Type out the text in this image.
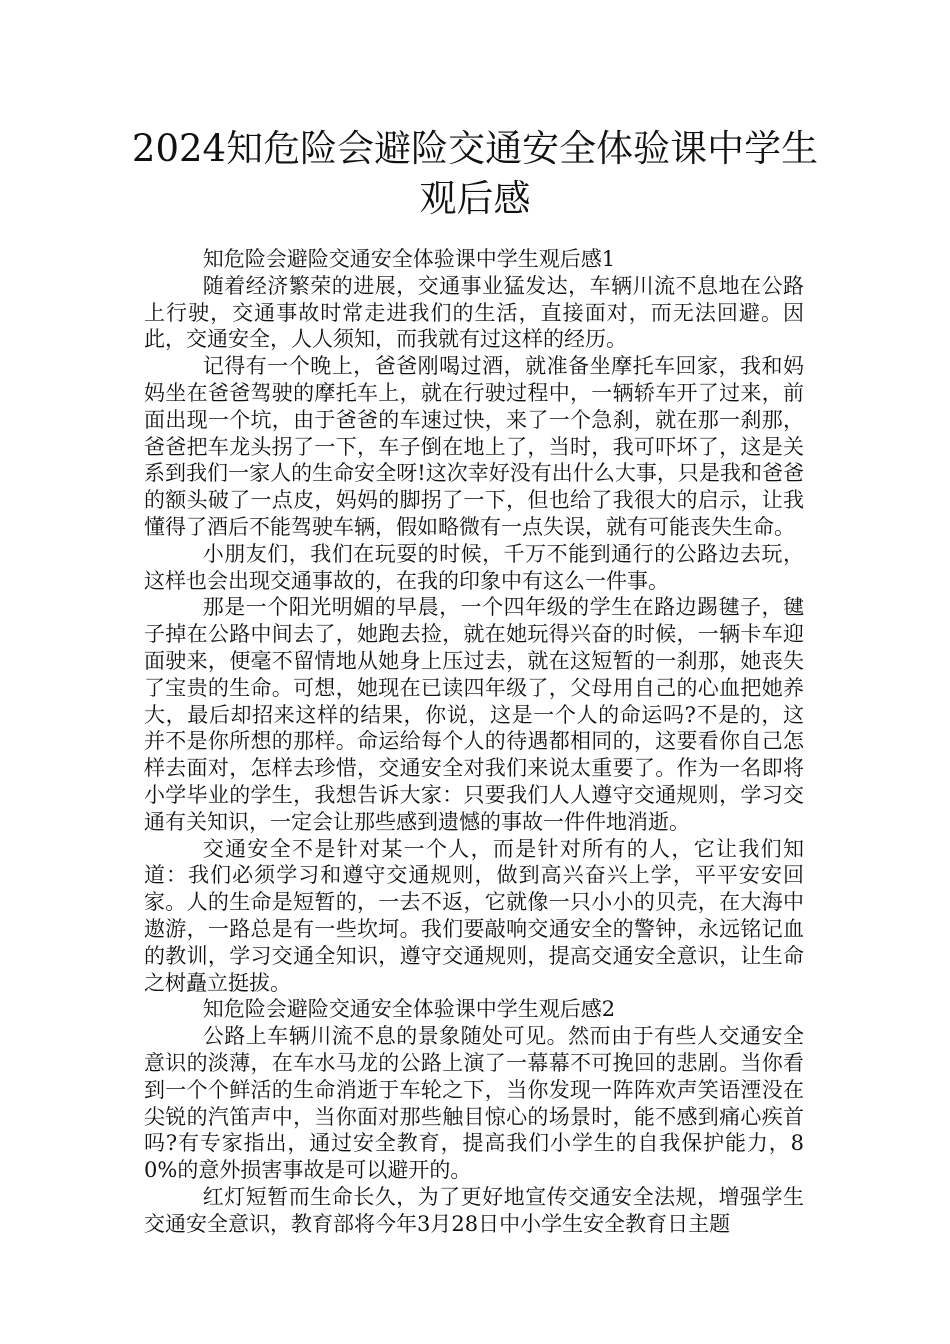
2024知危险会避险交通安全体验课中学生
观后感

知危险会避险交通安全体验课中学生观后感1

随着经济繁荣的进展，交通事业猛发达，车辆川流不息地在公路上行驶，交通事故时常走进我们的生活，直接面对，而无法回避。因此，交通安全，人人须知，而我就有过这样的经历。

记得有一个晚上，爸爸刚喝过酒，就准备坐摩托车回家，我和妈妈坐在爸爸驾驶的摩托车上，就在行驶过程中，一辆轿车开了过来，前面出现一个坑，由于爸爸的车速过快，来了一个急刹，就在那一刹那，爸爸把车龙头拐了一下，车子倒在地上了，当时，我可吓坏了，这是关系到我们一家人的生命安全呀!这次幸好没有出什么大事，只是我和爸爸的额头破了一点皮，妈妈的脚拐了一下，但也给了我很大的启示，让我懂得了酒后不能驾驶车辆，假如略微有一点失误，就有可能丧失生命。

小朋友们，我们在玩耍的时候，千万不能到通行的公路边去玩，这样也会出现交通事故的，在我的印象中有这么一件事。

那是一个阳光明媚的早晨，一个四年级的学生在路边踢毽子，毽子掉在公路中间去了，她跑去捡，就在她玩得兴奋的时候，一辆卡车迎面驶来，便毫不留情地从她身上压过去，就在这短暂的一刹那，她丧失了宝贵的生命。可想，她现在已读四年级了，父母用自己的心血把她养大，最后却招来这样的结果，你说，这是一个人的命运吗?不是的，这并不是你所想的那样。命运给每个人的待遇都相同的，这要看你自己怎样去面对，怎样去珍惜，交通安全对我们来说太重要了。作为一名即将小学毕业的学生，我想告诉大家：只要我们人人遵守交通规则，学习交通有关知识，一定会让那些感到遗憾的事故一件件地消逝。

交通安全不是针对某一个人，而是针对所有的人，它让我们知道：我们必须学习和遵守交通规则，做到高兴奋兴上学，平平安安回家。人的生命是短暂的，一去不返，它就像一只小小的贝壳，在大海中遨游，一路总是有一些坎坷。我们要敲响交通安全的警钟，永远铭记血的教训，学习交通全知识，遵守交通规则，提高交通安全意识，让生命之树矗立挺拔。

知危险会避险交通安全体验课中学生观后感2

公路上车辆川流不息的景象随处可见。然而由于有些人交通安全意识的淡薄，在车水马龙的公路上演了一幕幕不可挽回的悲剧。当你看到一个个鲜活的生命消逝于车轮之下，当你发现一阵阵欢声笑语湮没在尖锐的汽笛声中，当你面对那些触目惊心的场景时，能不感到痛心疾首吗?有专家指出，通过安全教育，提高我们小学生的自我保护能力，80%的意外损害事故是可以避开的。

红灯短暂而生命长久，为了更好地宣传交通安全法规，增强学生交通安全意识，教育部将今年3月28日中小学生安全教育日主题
